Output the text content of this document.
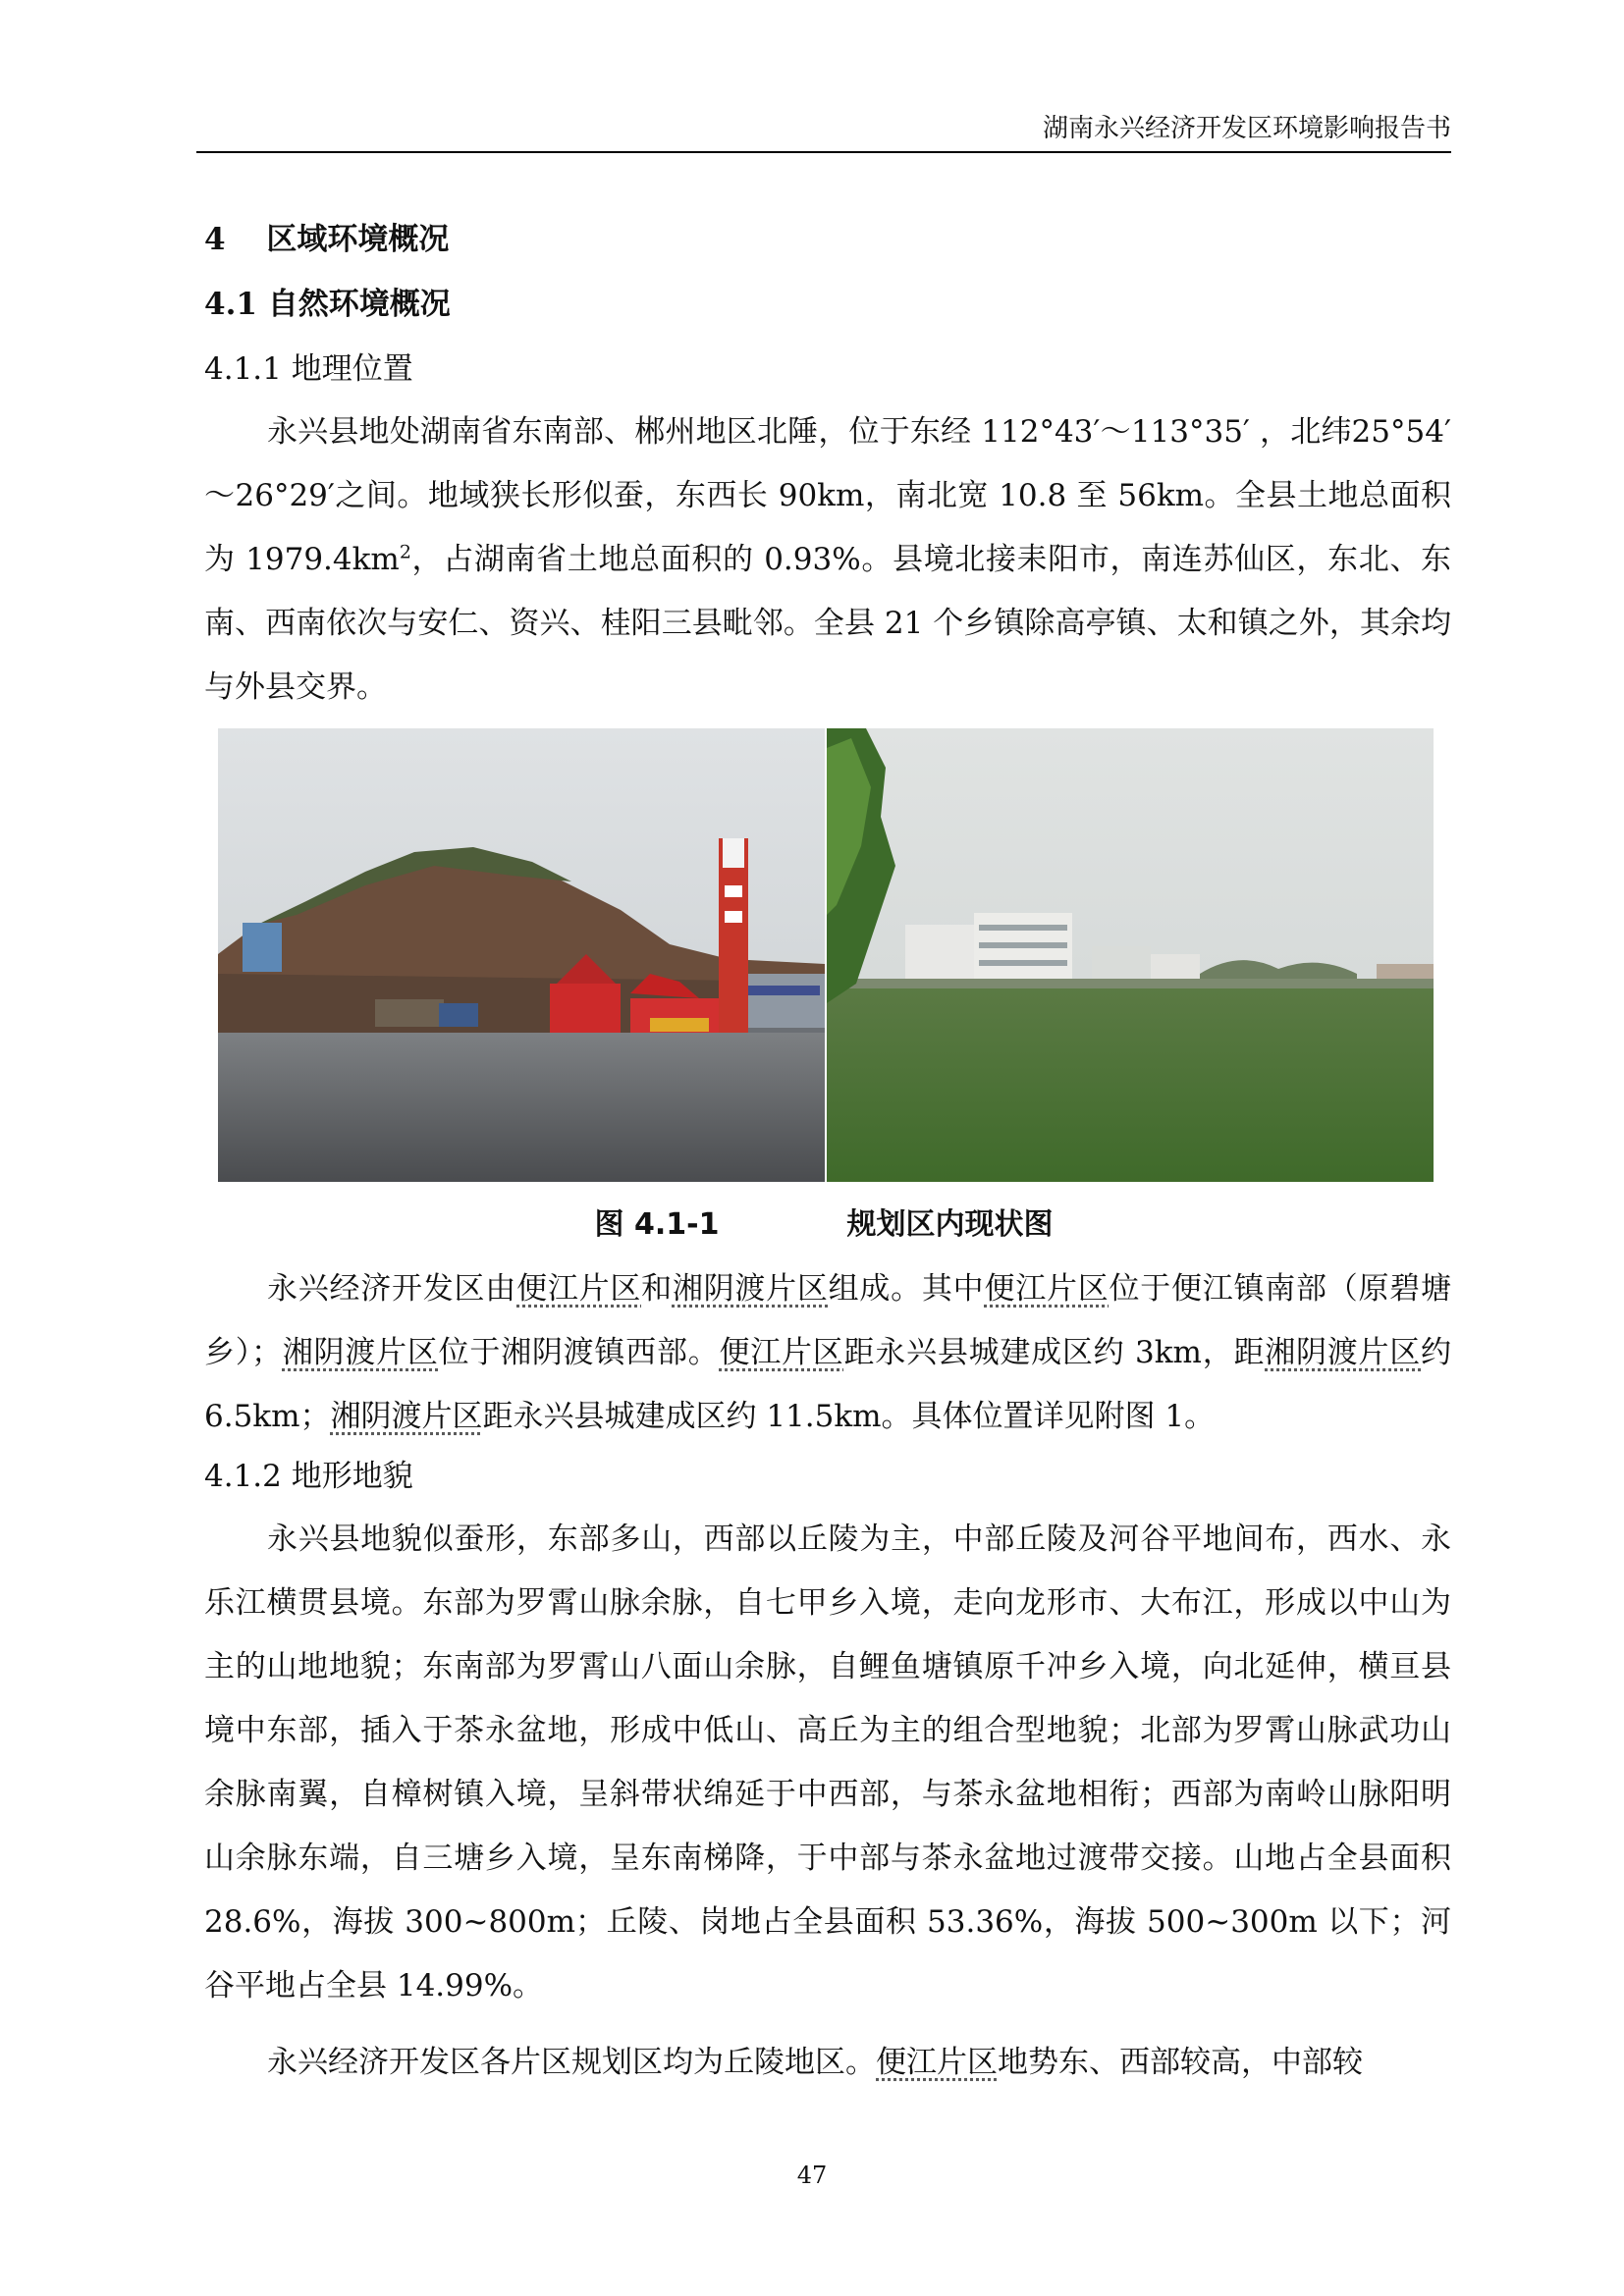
湖南永兴经济开发区环境影响报告书
4　 区域环境概况
4.1 自然环境概况
4.1.1 地理位置

永兴县地处湖南省东南部、郴州地区北陲，位于东经 112°43′～113°35′ ，北纬25°54′～26°29′之间。地域狭长形似蚕，东西长 90km，南北宽 10.8 至 56km。全县土地总面积为 $1979.4km^2$，占湖南省土地总面积的 0.93%。县境北接耒阳市，南连苏仙区，东北、东南、西南依次与安仁、资兴、桂阳三县毗邻。全县 21 个乡镇除高亭镇、太和镇之外，其余均与外县交界。

图 4.1-1	规划区内现状图

永兴经济开发区由便江片区和湘阴渡片区组成。其中便江片区位于便江镇南部（原碧塘乡）；湘阴渡片区位于湘阴渡镇西部。便江片区距永兴县城建成区约 3km，距湘阴渡片区约 6.5km；湘阴渡片区距永兴县城建成区约 11.5km。具体位置详见附图 1。

4.1.2 地形地貌

永兴县地貌似蚕形，东部多山，西部以丘陵为主，中部丘陵及河谷平地间布，西水、永乐江横贯县境。东部为罗霄山脉余脉，自七甲乡入境，走向龙形市、大布江，形成以中山为主的山地地貌；东南部为罗霄山八面山余脉，自鲤鱼塘镇原千冲乡入境，向北延伸，横亘县境中东部，插入于茶永盆地，形成中低山、高丘为主的组合型地貌；北部为罗霄山脉武功山余脉南翼，自樟树镇入境，呈斜带状绵延于中西部，与茶永盆地相衔；西部为南岭山脉阳明山余脉东端，自三塘乡入境，呈东南梯降，于中部与茶永盆地过渡带交接。山地占全县面积 28.6%，海拔 300~800m；丘陵、岗地占全县面积 53.36%，海拔 500~300m 以下；河谷平地占全县 14.99%。

永兴经济开发区各片区规划区均为丘陵地区。便江片区地势东、西部较高，中部较

47
